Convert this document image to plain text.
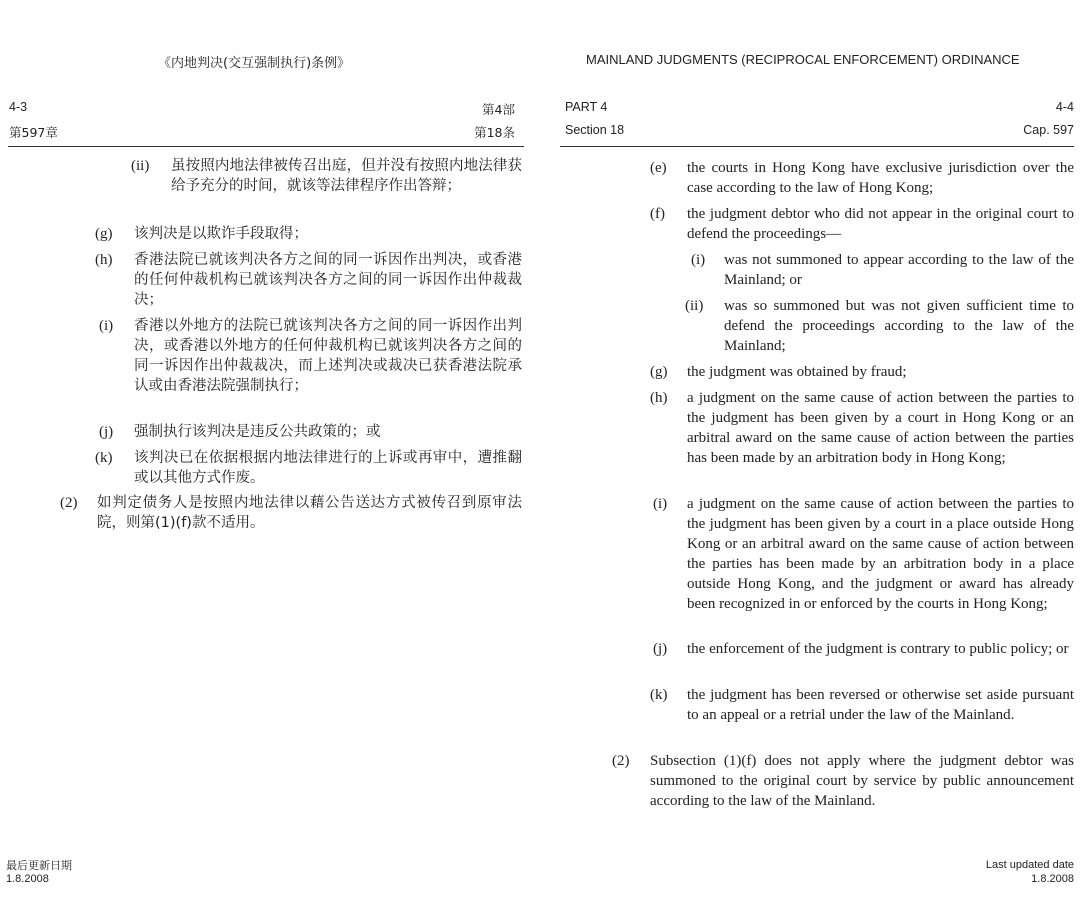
《内地判决(交互强制执行)条例》
4-3	第4部
第597章	第18条
(ii) 虽按照内地法律被传召出庭，但并没有按照内地法律获给予充分的时间，就该等法律程序作出答辩；
(g) 该判决是以欺诈手段取得；
(h) 香港法院已就该判决各方之间的同一诉因作出判决，或香港的任何仲裁机构已就该判决各方之间的同一诉因作出仲裁裁决；
(i) 香港以外地方的法院已就该判决各方之间的同一诉因作出判决，或香港以外地方的任何仲裁机构已就该判决各方之间的同一诉因作出仲裁裁决，而上述判决或裁决已获香港法院承认或由香港法院强制执行；
(j) 强制执行该判决是违反公共政策的；或
(k) 该判决已在依据根据内地法律进行的上诉或再审中，遭推翻或以其他方式作废。
(2) 如判定债务人是按照内地法律以藉公告送达方式被传召到原审法院，则第(1)(f)款不适用。
最后更新日期
1.8.2008
MAINLAND JUDGMENTS (RECIPROCAL ENFORCEMENT) ORDINANCE
PART 4	4-4
Section 18	Cap. 597
(e) the courts in Hong Kong have exclusive jurisdiction over the case according to the law of Hong Kong;
(f) the judgment debtor who did not appear in the original court to defend the proceedings—
(i) was not summoned to appear according to the law of the Mainland; or
(ii) was so summoned but was not given sufficient time to defend the proceedings according to the law of the Mainland;
(g) the judgment was obtained by fraud;
(h) a judgment on the same cause of action between the parties to the judgment has been given by a court in Hong Kong or an arbitral award on the same cause of action between the parties has been made by an arbitration body in Hong Kong;
(i) a judgment on the same cause of action between the parties to the judgment has been given by a court in a place outside Hong Kong or an arbitral award on the same cause of action between the parties has been made by an arbitration body in a place outside Hong Kong, and the judgment or award has already been recognized in or enforced by the courts in Hong Kong;
(j) the enforcement of the judgment is contrary to public policy; or
(k) the judgment has been reversed or otherwise set aside pursuant to an appeal or a retrial under the law of the Mainland.
(2) Subsection (1)(f) does not apply where the judgment debtor was summoned to the original court by service by public announcement according to the law of the Mainland.
Last updated date
1.8.2008
